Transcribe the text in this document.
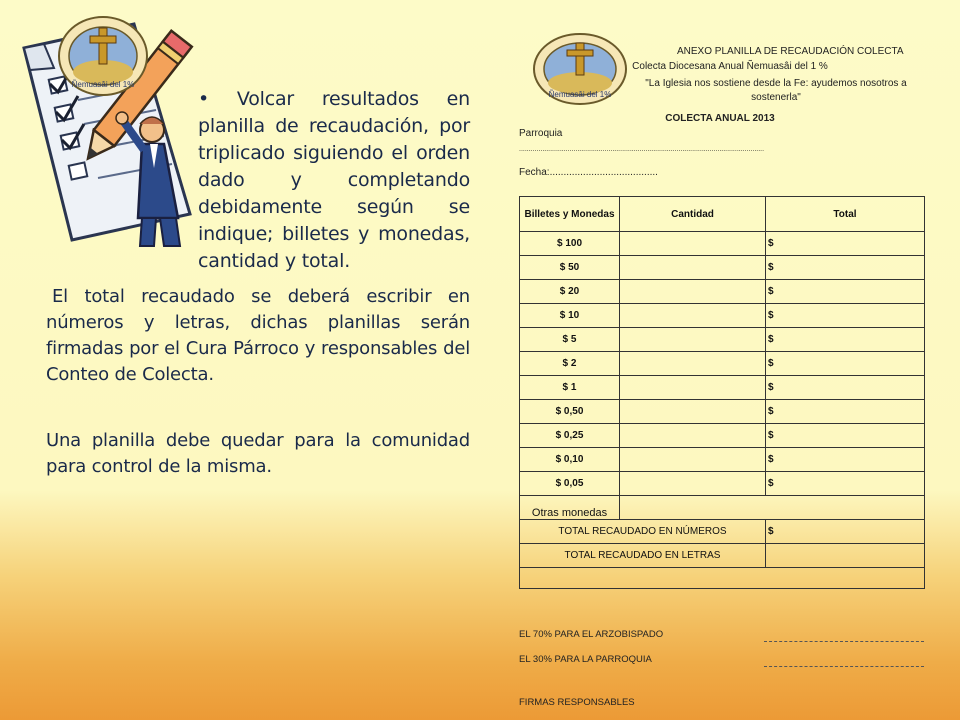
Ñemuasâi del 1%
• Volcar resultados en planilla de recaudación, por triplicado siguiendo el orden dado y completando debidamente según se indique; billetes y monedas, cantidad y total.
El total recaudado se deberá escribir en números y letras, dichas planillas serán firmadas por el Cura Párroco y responsables del Conteo de Colecta.
Una planilla debe quedar para la comunidad para control de la misma.
Ñemuasâi del 1%
ANEXO PLANILLA DE RECAUDACIÓN COLECTA
Colecta Diocesana Anual Ñemuasâi del 1 %
"La Iglesia nos sostiene desde la Fe: ayudemos nosotros a sostenerla"
COLECTA ANUAL 2013
Parroquia
..............................................................................................................................
Fecha:.......................................
Billetes y Monedas	Cantidad	Total
$ 100		$
$ 50		$
$ 20		$
$ 10		$
$ 5		$
$ 2		$
$ 1		$
$ 0,50		$
$ 0,25		$
$ 0,10		$
$ 0,05		$
Otras monedas		
TOTAL RECAUDADO EN NÚMEROS		$
TOTAL RECAUDADO EN LETRAS		

EL 70% PARA EL ARZOBISPADO
EL 30% PARA LA PARROQUIA
FIRMAS RESPONSABLES
